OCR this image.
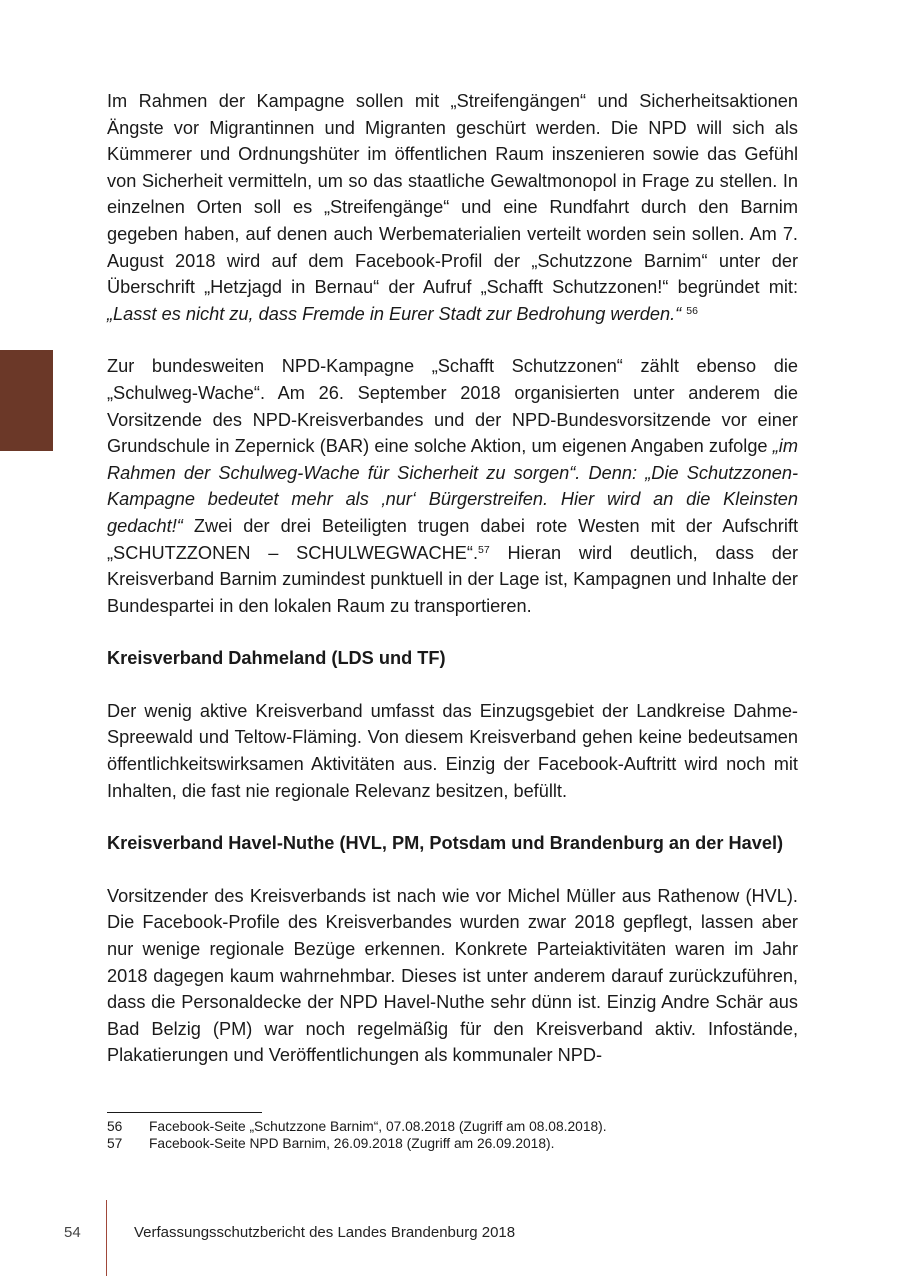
Im Rahmen der Kampagne sollen mit „Streifengängen“ und Sicherheitsaktionen Ängste vor Migrantinnen und Migranten geschürt werden. Die NPD will sich als Kümmerer und Ordnungshüter im öffentlichen Raum inszenieren sowie das Gefühl von Sicherheit vermitteln, um so das staatliche Gewaltmonopol in Frage zu stellen. In einzelnen Orten soll es „Streifengänge“ und eine Rundfahrt durch den Barnim gegeben haben, auf denen auch Werbematerialien verteilt worden sein sollen. Am 7. August 2018 wird auf dem Facebook-Profil der „Schutzzone Barnim“ unter der Überschrift „Hetzjagd in Bernau“ der Aufruf „Schafft Schutzzonen!“ begründet mit: „Lasst es nicht zu, dass Fremde in Eurer Stadt zur Bedrohung werden.“ $^{56}$

Zur bundesweiten NPD-Kampagne „Schafft Schutzzonen“ zählt ebenso die „Schulweg-Wache“. Am 26. September 2018 organisierten unter anderem die Vorsitzende des NPD-Kreisverbandes und der NPD-Bundesvorsitzende vor einer Grundschule in Zepernick (BAR) eine solche Aktion, um eigenen Angaben zufolge „im Rahmen der Schulweg-Wache für Sicherheit zu sorgen“. Denn: „Die Schutzzonen-Kampagne bedeutet mehr als ‚nur‘ Bürgerstreifen. Hier wird an die Kleinsten gedacht!“ Zwei der drei Beteiligten trugen dabei rote Westen mit der Aufschrift „SCHUTZZONEN – SCHULWEGWACHE“.$^{57}$ Hieran wird deutlich, dass der Kreisverband Barnim zumindest punktuell in der Lage ist, Kampagnen und Inhalte der Bundespartei in den lokalen Raum zu transportieren.

Kreisverband Dahmeland (LDS und TF)

Der wenig aktive Kreisverband umfasst das Einzugsgebiet der Landkreise Dahme-Spreewald und Teltow-Fläming. Von diesem Kreisverband gehen keine bedeutsamen öffentlichkeitswirksamen Aktivitäten aus. Einzig der Facebook-Auftritt wird noch mit Inhalten, die fast nie regionale Relevanz besitzen, befüllt.

Kreisverband Havel-Nuthe (HVL, PM, Potsdam und Brandenburg an der Havel)

Vorsitzender des Kreisverbands ist nach wie vor Michel Müller aus Rathenow (HVL). Die Facebook-Profile des Kreisverbandes wurden zwar 2018 gepflegt, lassen aber nur wenige regionale Bezüge erkennen. Konkrete Parteiaktivitäten waren im Jahr 2018 dagegen kaum wahrnehmbar. Dieses ist unter anderem darauf zurückzuführen, dass die Personaldecke der NPD Havel-Nuthe sehr dünn ist. Einzig Andre Schär aus Bad Belzig (PM) war noch regelmäßig für den Kreisverband aktiv. Infostände, Plakatierungen und Veröffentlichungen als kommunaler NPD-

56	Facebook-Seite „Schutzzone Barnim“, 07.08.2018 (Zugriff am 08.08.2018).
57	Facebook-Seite NPD Barnim, 26.09.2018 (Zugriff am 26.09.2018).
54	Verfassungsschutzbericht des Landes Brandenburg 2018
